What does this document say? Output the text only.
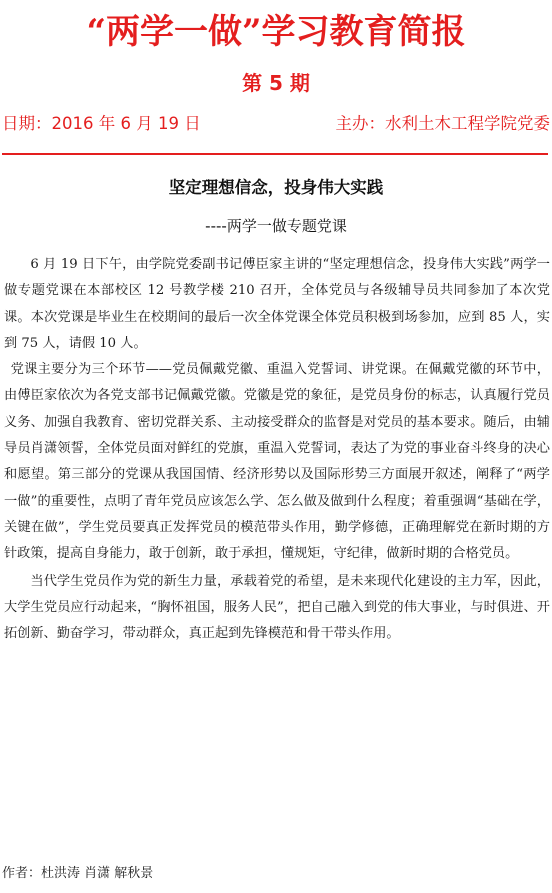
“两学一做”学习教育简报
第 5 期
日期：2016 年 6 月 19 日	主办：水利土木工程学院党委
坚定理想信念，投身伟大实践
----两学一做专题党课

6 月 19 日下午，由学院党委副书记傅臣家主讲的“坚定理想信念，投身伟大实践”两学一做专题党课在本部校区 12 号教学楼 210 召开，全体党员与各级辅导员共同参加了本次党课。本次党课是毕业生在校期间的最后一次全体党课全体党员积极到场参加，应到 85 人，实到 75 人，请假 10 人。

党课主要分为三个环节——党员佩戴党徽、重温入党誓词、讲党课。在佩戴党徽的环节中，由傅臣家依次为各党支部书记佩戴党徽。党徽是党的象征，是党员身份的标志，认真履行党员义务、加强自我教育、密切党群关系、主动接受群众的监督是对党员的基本要求。随后，由辅导员肖潇领誓，全体党员面对鲜红的党旗，重温入党誓词，表达了为党的事业奋斗终身的决心和愿望。第三部分的党课从我国国情、经济形势以及国际形势三方面展开叙述，阐释了“两学一做”的重要性，点明了青年党员应该怎么学、怎么做及做到什么程度；着重强调“基础在学，关键在做”，学生党员要真正发挥党员的模范带头作用，勤学修德，正确理解党在新时期的方针政策，提高自身能力，敢于创新，敢于承担，懂规矩，守纪律，做新时期的合格党员。

当代学生党员作为党的新生力量，承载着党的希望，是未来现代化建设的主力军，因此，大学生党员应行动起来，“胸怀祖国，服务人民”，把自己融入到党的伟大事业，与时俱进、开拓创新、勤奋学习，带动群众，真正起到先锋模范和骨干带头作用。

作者：杜洪涛 肖潇 解秋景
